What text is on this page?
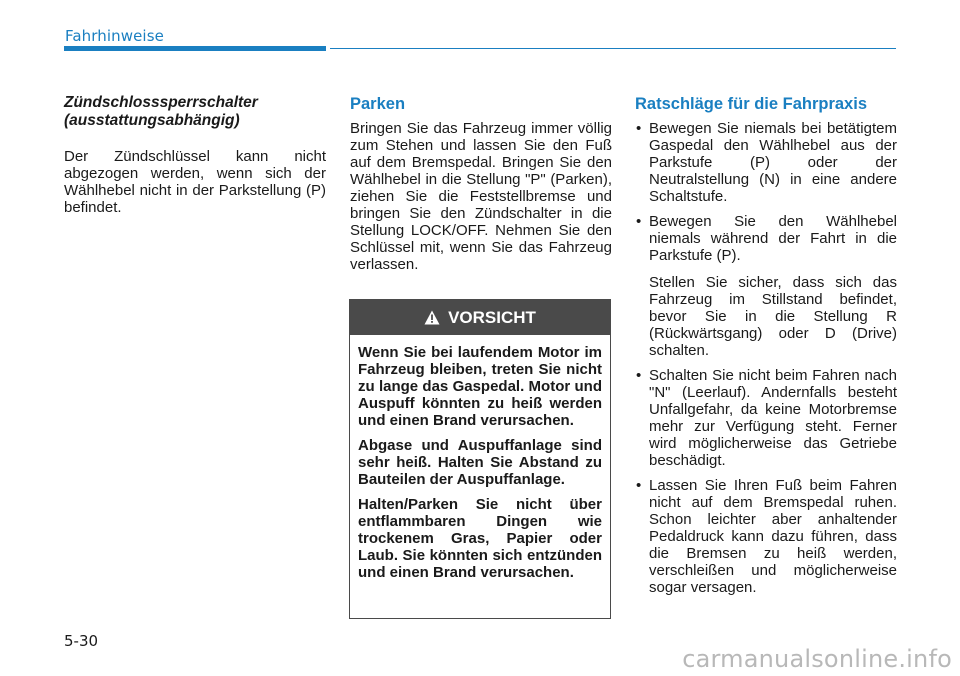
Fahrhinweise
Zündschlosssperrschalter
(ausstattungsabhängig)

Der Zündschlüssel kann nicht abgezogen werden, wenn sich der Wählhebel nicht in der Parkstellung (P) befindet.

Parken

Bringen Sie das Fahrzeug immer völlig zum Stehen und lassen Sie den Fuß auf dem Bremspedal. Bringen Sie den Wählhebel in die Stellung "P" (Parken), ziehen Sie die Feststellbremse und bringen Sie den Zündschalter in die Stellung LOCK/OFF. Nehmen Sie den Schlüssel mit, wenn Sie das Fahrzeug verlassen.

VORSICHT

Wenn Sie bei laufendem Motor im Fahrzeug bleiben, treten Sie nicht zu lange das Gaspedal. Motor und Auspuff könnten zu heiß werden und einen Brand verursachen.

Abgase und Auspuffanlage sind sehr heiß. Halten Sie Abstand zu Bauteilen der Auspuffanlage.

Halten/Parken Sie nicht über entflammbaren Dingen wie trockenem Gras, Papier oder Laub. Sie könnten sich entzünden und einen Brand verursachen.

Ratschläge für die Fahrpraxis
• Bewegen Sie niemals bei betätigtem Gaspedal den Wählhebel aus der Parkstufe (P) oder der Neutralstellung (N) in eine andere Schaltstufe.
• Bewegen Sie den Wählhebel niemals während der Fahrt in die Parkstufe (P).
Stellen Sie sicher, dass sich das Fahrzeug im Stillstand befindet, bevor Sie in die Stellung R (Rückwärtsgang) oder D (Drive) schalten.
• Schalten Sie nicht beim Fahren nach "N" (Leerlauf). Andernfalls besteht Unfallgefahr, da keine Motorbremse mehr zur Verfügung steht. Ferner wird möglicherweise das Getriebe beschädigt.
• Lassen Sie Ihren Fuß beim Fahren nicht auf dem Bremspedal ruhen. Schon leichter aber anhaltender Pedaldruck kann dazu führen, dass die Bremsen zu heiß werden, verschleißen und möglicherweise sogar versagen.
5-30
carmanualsonline.info
